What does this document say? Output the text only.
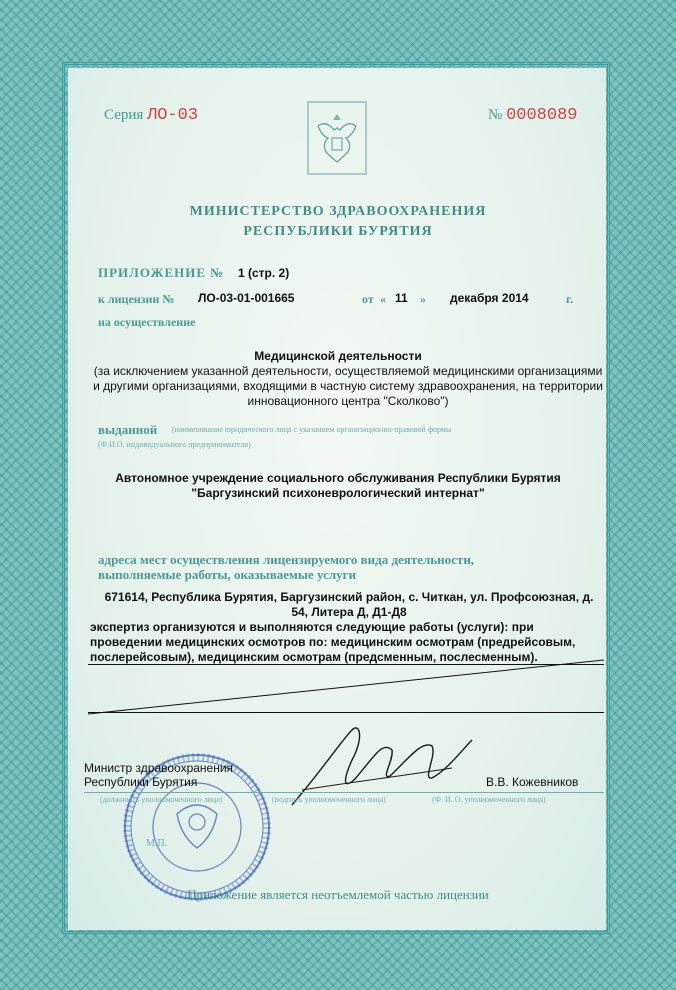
Серия ЛО-03	№ 0008089
МИНИСТЕРСТВО ЗДРАВООХРАНЕНИЯ
РЕСПУБЛИКИ БУРЯТИЯ
ПРИЛОЖЕНИЕ № 1 (стр. 2)
к лицензии № ЛО-03-01-001665	от « 11 » декабря 2014	г.
на осуществление
Медицинской деятельности
(за исключением указанной деятельности, осуществляемой медицинскими организациями и другими организациями, входящими в частную систему здравоохранения, на территории инновационного центра "Сколково")
выданной (наименование юридического лица с указанием организационно-правовой формы
(Ф.И.О. индивидуального предпринимателя)
Автономное учреждение социального обслуживания Республики Бурятия
"Баргузинский психоневрологический интернат"
адреса мест осуществления лицензируемого вида деятельности,
выполняемые работы, оказываемые услуги
671614, Республика Бурятия, Баргузинский район, с. Читкан, ул. Профсоюзная, д.
54, Литера Д, Д1-Д8
экспертиз организуются и выполняются следующие работы (услуги): при
проведении медицинских осмотров по: медицинским осмотрам (предрейсовым,
послерейсовым), медицинским осмотрам (предсменным, послесменным).
Министр здравоохранения
Республики Бурятия	В.В. Кожевников
(должность уполномоченного лица)	(подпись уполномоченного лица)	(Ф. И. О. уполномоченного лица)
М.П.
Приложение является неотъемлемой частью лицензии
